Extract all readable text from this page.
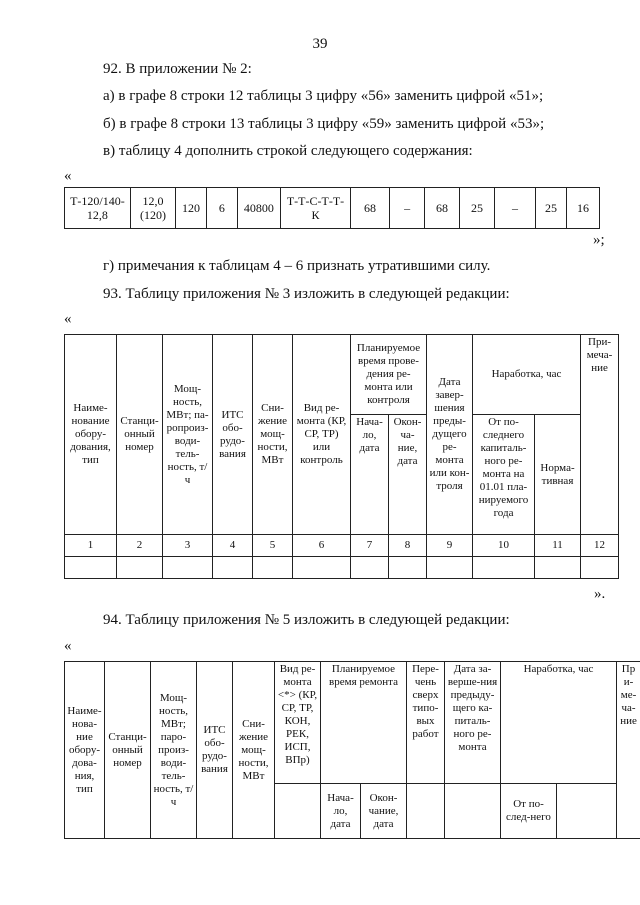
39
92. В приложении № 2:
а) в графе 8 строки 12 таблицы 3 цифру «56» заменить цифрой «51»;
б) в графе 8 строки 13 таблицы 3 цифру «59» заменить цифрой «53»;
в) таблицу 4 дополнить строкой следующего содержания:
«
Т-120/140-12,8	12,0 (120)	120	6	40800	Т-Т-С-Т-Т-К	68	–	68	25	–	25	16
»;
г) примечания к таблицам 4 – 6 признать утратившими силу.
93. Таблицу приложения № 3 изложить в следующей редакции:
«
Наиме-нование обору-дования, тип	Станци-онный номер	Мощ-ность, МВт; па-ропроиз-води-тель-ность, т/ч	ИТС обо-рудо-вания	Сни-жение мощ-ности, МВт	Вид ре-монта (КР, СР, ТР) или контроль	Планируемое время прове-дения ре-монта или контроля		Дата завер-шения преды-дущего ре-монта или кон-троля	Наработка, час		При-меча-ние
						Нача-ло, дата	Окон-ча-ние, дата		От по-следнего капиталь-ного ре-монта на 01.01 пла-нируемого года	Норма-тивная	
1	2	3	4	5	6	7	8	9	10	11	12

».
94. Таблицу приложения № 5 изложить в следующей редакции:
«
Наиме-нова-ние обору-дова-ния, тип	Станци-онный номер	Мощ-ность, МВт; паро-произ-води-тель-ность, т/ч	ИТС обо-рудо-вания	Сни-жение мощ-ности, МВт	Вид ре-монта <*> (КР, СР, ТР, КОН, РЕК, ИСП, ВПр)	Планируемое время ремонта		Пере-чень сверх типо-вых работ	Дата за-верше-ния предыду-щего ка-питаль-ного ре-монта	Наработка, час		При-ме-ча-ние
						Нача-ло, дата	Окон-чание, дата			От по-след-него		
